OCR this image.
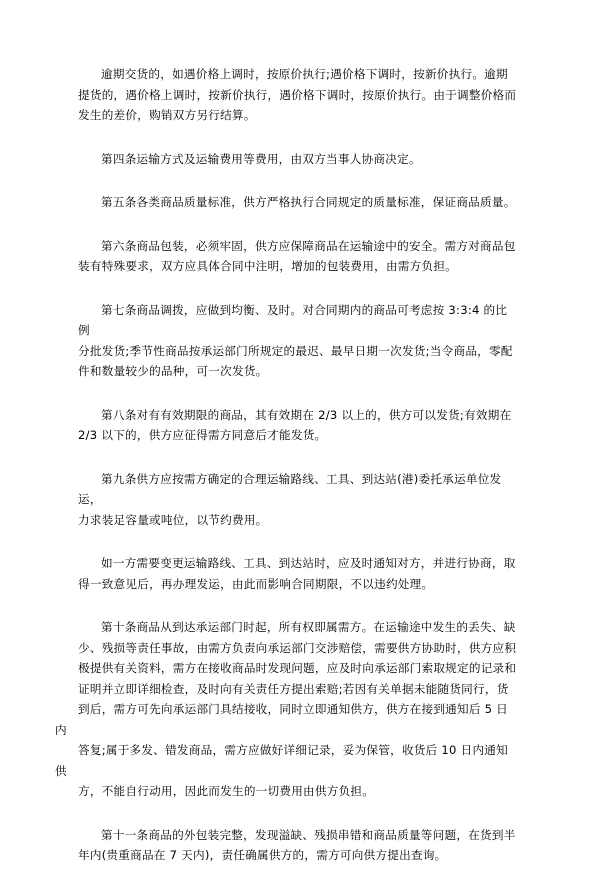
逾期交货的，如遇价格上调时，按原价执行;遇价格下调时，按新价执行。逾期
提货的，遇价格上调时，按新价执行，遇价格下调时，按原价执行。由于调整价格而
发生的差价，购销双方另行结算。

第四条运输方式及运输费用等费用，由双方当事人协商决定。

第五条各类商品质量标准，供方严格执行合同规定的质量标准，保证商品质量。

第六条商品包装，必须牢固，供方应保障商品在运输途中的安全。需方对商品包
装有特殊要求，双方应具体合同中注明，增加的包装费用，由需方负担。

第七条商品调拨，应做到均衡、及时。对合同期内的商品可考虑按 3:3:4 的比例
分批发货;季节性商品按承运部门所规定的最迟、最早日期一次发货;当令商品，零配
件和数量较少的品种，可一次发货。

第八条对有有效期限的商品，其有效期在 2/3 以上的，供方可以发货;有效期在
2/3 以下的，供方应征得需方同意后才能发货。

第九条供方应按需方确定的合理运输路线、工具、到达站(港)委托承运单位发运，
力求装足容量或吨位，以节约费用。

如一方需要变更运输路线、工具、到达站时，应及时通知对方，并进行协商，取
得一致意见后，再办理发运，由此而影响合同期限，不以违约处理。

第十条商品从到达承运部门时起，所有权即属需方。在运输途中发生的丢失、缺
少、残损等责任事故，由需方负责向承运部门交涉赔偿，需要供方协助时，供方应积
极提供有关资料，需方在接收商品时发现问题，应及时向承运部门索取规定的记录和
证明并立即详细检查，及时向有关责任方提出索赔;若因有关单据未能随货同行，货
到后，需方可先向承运部门具结接收，同时立即通知供方，供方在接到通知后 5 日内
答复;属于多发、错发商品，需方应做好详细记录，妥为保管，收货后 10 日内通知供
方，不能自行动用，因此而发生的一切费用由供方负担。

第十一条商品的外包装完整，发现溢缺、残损串错和商品质量等问题，在货到半
年内(贵重商品在 7 天内)，责任确属供方的，需方可向供方提出查询。
